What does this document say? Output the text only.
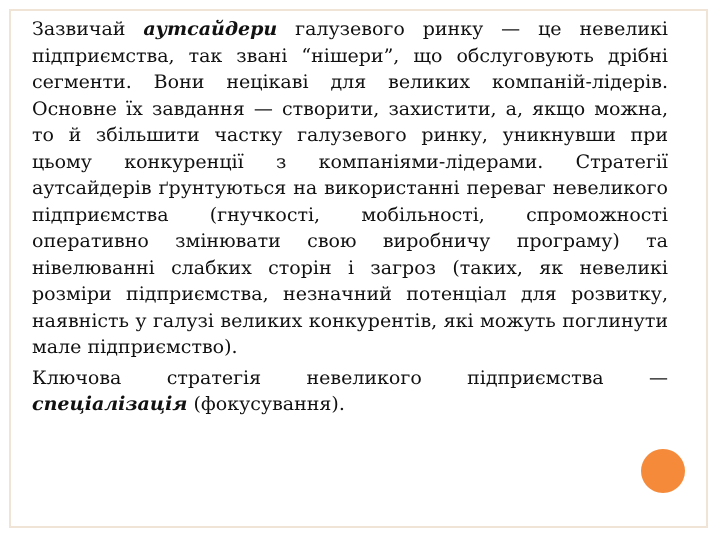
Зазвичай аутсайдери галузевого ринку — це невеликі підприємства, так звані “нішери”, що обслуговують дрібні сегменти. Вони нецікаві для великих компаній-лідерів. Основне їх завдання — створити, захистити, а, якщо можна, то й збільшити частку галузевого ринку, уникнувши при цьому конкуренції з компаніями-лідерами. Стратегії аутсайдерів ґрунтуються на використанні переваг невеликого підприємства (гнучкості, мобільності, спроможності оперативно змінювати свою виробничу програму) та нівелюванні слабких сторін і загроз (таких, як невеликі розміри підприємства, незначний потенціал для розвитку, наявність у галузі великих конкурентів, які можуть поглинути мале підприємство).

Ключова стратегія невеликого підприємства — спеціалізація (фокусування).
